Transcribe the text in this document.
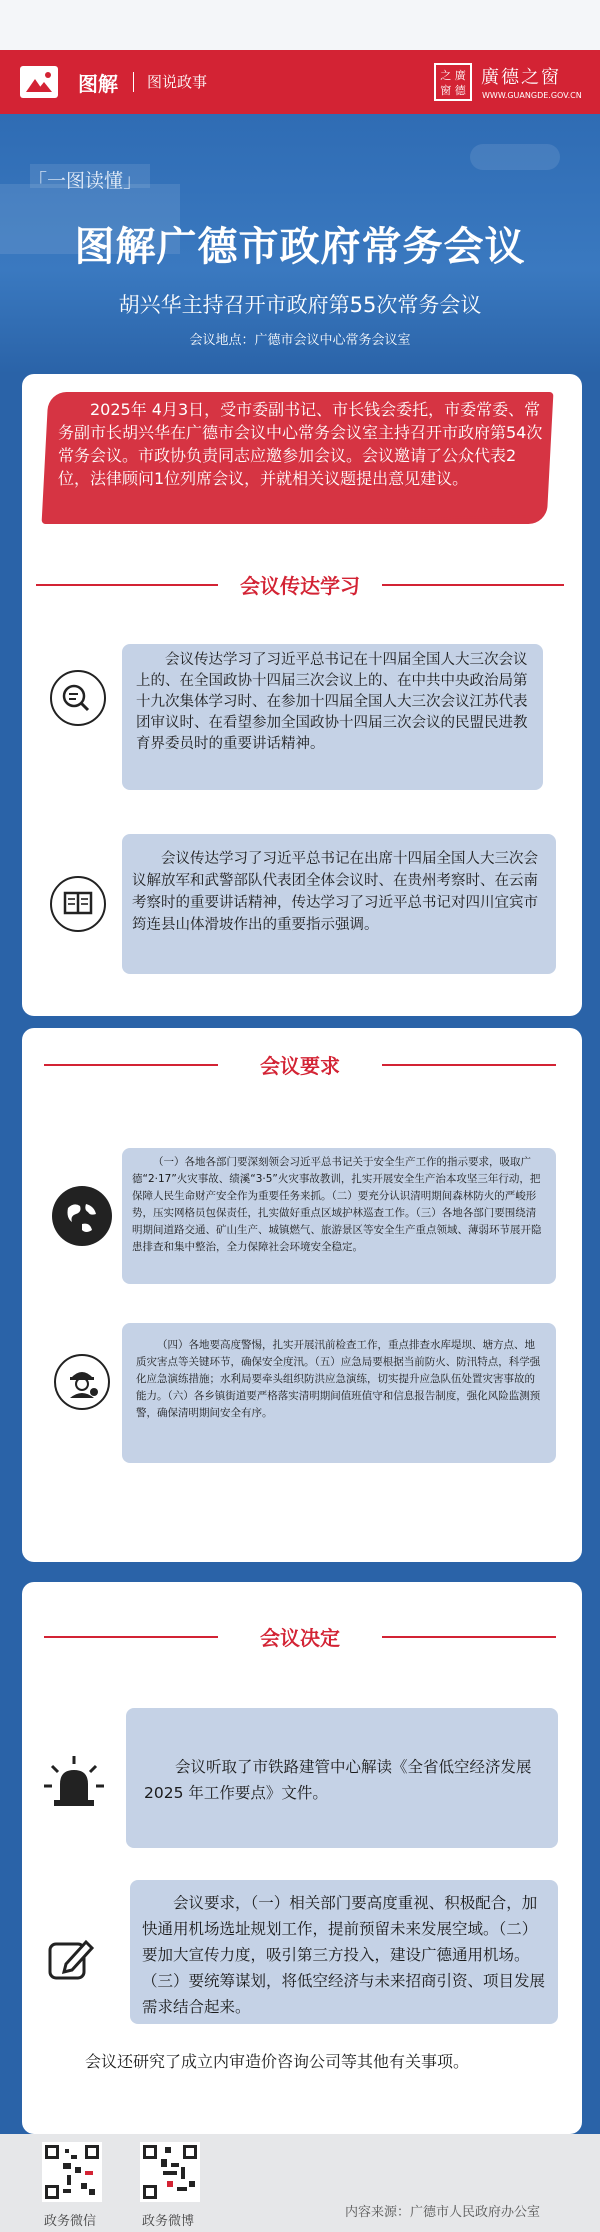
图解 图说政事	之 廣 窗 德
廣德之窗
WWW.GUANGDE.GOV.CN
「一图读懂」
图解广德市政府常务会议
胡兴华主持召开市政府第55次常务会议
会议地点：广德市会议中心常务会议室
2025年 4月3日，受市委副书记、市长钱会委托，市委常委、常务副市长胡兴华在广德市会议中心常务会议室主持召开市政府第54次常务会议。市政协负责同志应邀参加会议。会议邀请了公众代表2位，法律顾问1位列席会议，并就相关议题提出意见建议。
会议传达学习
会议传达学习了习近平总书记在十四届全国人大三次会议上的、在全国政协十四届三次会议上的、在中共中央政治局第十九次集体学习时、在参加十四届全国人大三次会议江苏代表团审议时、在看望参加全国政协十四届三次会议的民盟民进教育界委员时的重要讲话精神。
会议传达学习了习近平总书记在出席十四届全国人大三次会议解放军和武警部队代表团全体会议时、在贵州考察时、在云南考察时的重要讲话精神，传达学习了习近平总书记对四川宜宾市筠连县山体滑坡作出的重要指示强调。
会议要求
（一）各地各部门要深刻领会习近平总书记关于安全生产工作的指示要求，吸取广德“2·17”火灾事故、绩溪“3·5”火灾事故教训，扎实开展安全生产治本攻坚三年行动，把保障人民生命财产安全作为重要任务来抓。（二）要充分认识清明期间森林防火的严峻形势，压实网格员包保责任，扎实做好重点区域护林巡查工作。（三）各地各部门要围绕清明期间道路交通、矿山生产、城镇燃气、旅游景区等安全生产重点领域、薄弱环节展开隐患排查和集中整治，全力保障社会环境安全稳定。
（四）各地要高度警惕，扎实开展汛前检查工作，重点排查水库堤坝、塘方点、地质灾害点等关键环节，确保安全度汛。（五）应急局要根据当前防火、防汛特点，科学强化应急演练措施；水利局要牵头组织防洪应急演练，切实提升应急队伍处置灾害事故的能力。（六）各乡镇街道要严格落实清明期间值班值守和信息报告制度，强化风险监测预警，确保清明期间安全有序。
会议决定
会议听取了市铁路建管中心解读《全省低空经济发展2025 年工作要点》文件。
会议要求，（一）相关部门要高度重视、积极配合，加快通用机场选址规划工作，提前预留未来发展空域。（二）要加大宣传力度，吸引第三方投入，建设广德通用机场。（三）要统筹谋划，将低空经济与未来招商引资、项目发展需求结合起来。
会议还研究了成立内审造价咨询公司等其他有关事项。
政务微信	政务微博
内容来源：广德市人民政府办公室
